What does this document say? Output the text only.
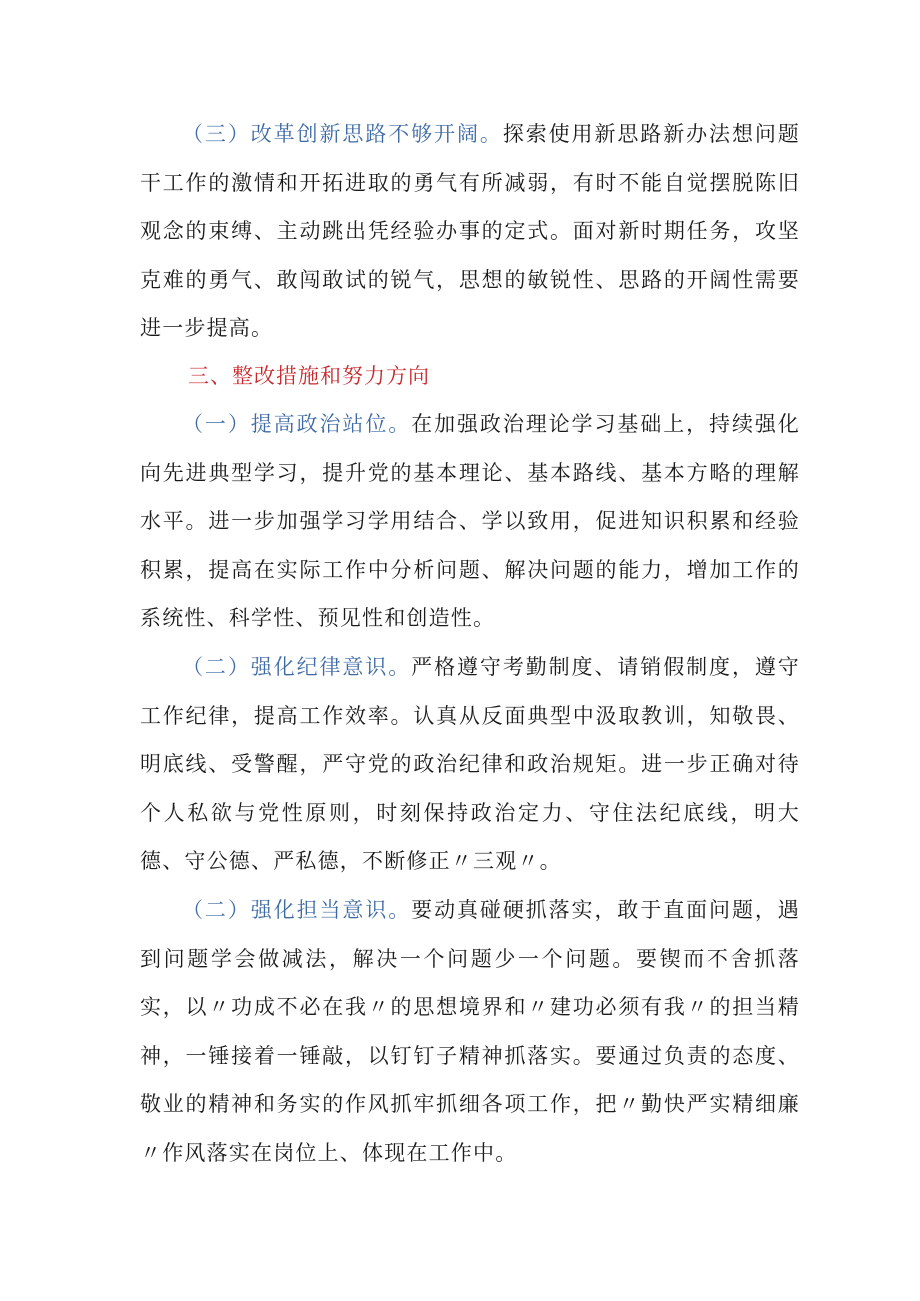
（三）改革创新思路不够开阔。探索使用新思路新办法想问题干工作的激情和开拓进取的勇气有所减弱，有时不能自觉摆脱陈旧观念的束缚、主动跳出凭经验办事的定式。面对新时期任务，攻坚克难的勇气、敢闯敢试的锐气，思想的敏锐性、思路的开阔性需要进一步提高。

三、整改措施和努力方向

（一）提高政治站位。在加强政治理论学习基础上，持续强化向先进典型学习，提升党的基本理论、基本路线、基本方略的理解水平。进一步加强学习学用结合、学以致用，促进知识积累和经验积累，提高在实际工作中分析问题、解决问题的能力，增加工作的系统性、科学性、预见性和创造性。

（二）强化纪律意识。严格遵守考勤制度、请销假制度，遵守工作纪律，提高工作效率。认真从反面典型中汲取教训，知敬畏、明底线、受警醒，严守党的政治纪律和政治规矩。进一步正确对待个人私欲与党性原则，时刻保持政治定力、守住法纪底线，明大德、守公德、严私德，不断修正〃三观〃。

（二）强化担当意识。要动真碰硬抓落实，敢于直面问题，遇到问题学会做减法，解决一个问题少一个问题。要锲而不舍抓落实，以〃功成不必在我〃的思想境界和〃建功必须有我〃的担当精神，一锤接着一锤敲，以钉钉子精神抓落实。要通过负责的态度、敬业的精神和务实的作风抓牢抓细各项工作，把〃勤快严实精细廉〃作风落实在岗位上、体现在工作中。
